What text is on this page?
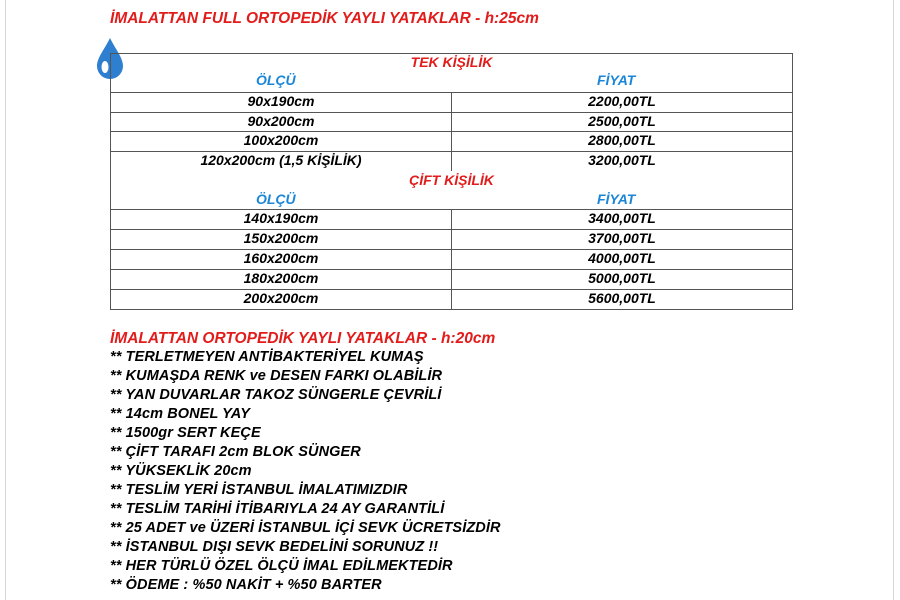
İMALATTAN FULL ORTOPEDİK YAYLI YATAKLAR - h:25cm
TEK KİŞİLİK
ÖLÇÜ	FİYAT
90x190cm	2200,00TL
90x200cm	2500,00TL
100x200cm	2800,00TL
120x200cm (1,5 KİŞİLİK)	3200,00TL
ÇİFT KİŞİLİK
ÖLÇÜ	FİYAT
140x190cm	3400,00TL
150x200cm	3700,00TL
160x200cm	4000,00TL
180x200cm	5000,00TL
200x200cm	5600,00TL
İMALATTAN ORTOPEDİK YAYLI YATAKLAR - h:20cm
** TERLETMEYEN ANTİBAKTERİYEL KUMAŞ
** KUMAŞDA RENK ve DESEN FARKI OLABİLİR
** YAN DUVARLAR TAKOZ SÜNGERLE ÇEVRİLİ
** 14cm BONEL YAY
** 1500gr SERT KEÇE
** ÇİFT TARAFI 2cm BLOK SÜNGER
** YÜKSEKLİK 20cm
** TESLİM YERİ İSTANBUL İMALATIMIZDIR
** TESLİM TARİHİ İTİBARIYLA 24 AY GARANTİLİ
** 25 ADET ve ÜZERİ İSTANBUL İÇİ SEVK ÜCRETSİZDİR
** İSTANBUL DIŞI SEVK BEDELİNİ SORUNUZ !!
** HER TÜRLÜ ÖZEL ÖLÇÜ İMAL EDİLMEKTEDİR
** ÖDEME : %50 NAKİT + %50 BARTER
